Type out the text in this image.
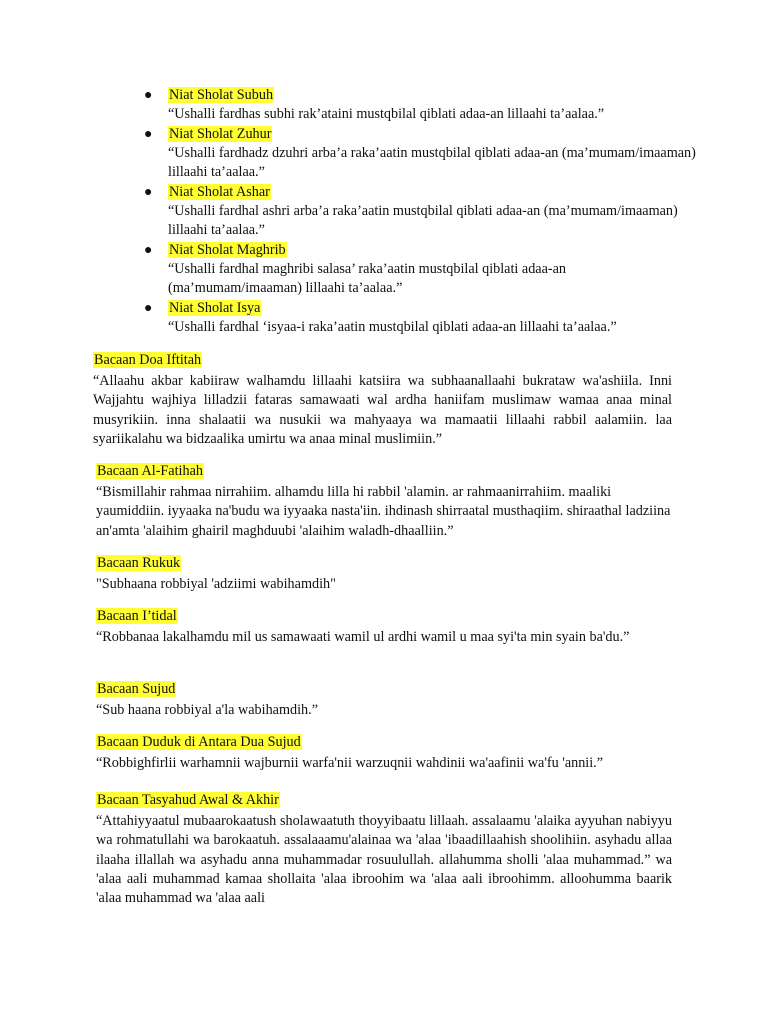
● Niat Sholat Subuh
“Ushalli fardhas subhi rak’ataini mustqbilal qiblati adaa-an lillaahi ta’aalaa.”
● Niat Sholat Zuhur
“Ushalli fardhadz dzuhri arba’a raka’aatin mustqbilal qiblati adaa-an (ma’mumam/imaaman) lillaahi ta’aalaa.”
● Niat Sholat Ashar
“Ushalli fardhal ashri arba’a raka’aatin mustqbilal qiblati adaa-an (ma’mumam/imaaman) lillaahi ta’aalaa.”
● Niat Sholat Maghrib
“Ushalli fardhal maghribi salasa’ raka’aatin mustqbilal qiblati adaa-an (ma’mumam/imaaman) lillaahi ta’aalaa.”
● Niat Sholat Isya
“Ushalli fardhal ‘isyaa-i raka’aatin mustqbilal qiblati adaa-an lillaahi ta’aalaa.”
Bacaan Doa Iftitah
“Allaahu akbar kabiiraw walhamdu lillaahi katsiira wa subhaanallaahi bukrataw wa'ashiila. Inni Wajjahtu wajhiya lilladzii fataras samawaati wal ardha haniifam muslimaw wamaa anaa minal musyrikiin. inna shalaatii wa nusukii wa mahyaaya wa mamaatii lillaahi rabbil aalamiin. laa syariikalahu wa bidzaalika umirtu wa anaa minal muslimiin.”
Bacaan Al-Fatihah
“Bismillahir rahmaa nirrahiim. alhamdu lilla hi rabbil 'alamin. ar rahmaanirrahiim. maaliki yaumiddiin. iyyaaka na'budu wa iyyaaka nasta'iin. ihdinash shirraatal musthaqiim. shiraathal ladziina an'amta 'alaihim ghairil maghduubi 'alaihim waladh-dhaalliin.”
Bacaan Rukuk
"Subhaana robbiyal 'adziimi wabihamdih"
Bacaan I’tidal
“Robbanaa lakalhamdu mil us samawaati wamil ul ardhi wamil u maa syi'ta min syain ba'du.”
Bacaan Sujud
“Sub haana robbiyal a'la wabihamdih.”
Bacaan Duduk di Antara Dua Sujud
“Robbighfirlii warhamnii wajburnii warfa'nii warzuqnii wahdinii wa'aafinii wa'fu 'annii.”
Bacaan Tasyahud Awal & Akhir
“Attahiyyaatul mubaarokaatush sholawaatuth thoyyibaatu lillaah. assalaamu 'alaika ayyuhan nabiyyu wa rohmatullahi wa barokaatuh. assalaaamu'alainaa wa 'alaa 'ibaadillaahish shoolihiin. asyhadu allaa ilaaha illallah wa asyhadu anna muhammadar rosuulullah. allahumma sholli 'alaa muhammad.” wa 'alaa aali muhammad kamaa shollaita 'alaa ibroohim wa 'alaa aali ibroohimm. alloohumma baarik 'alaa muhammad wa 'alaa aali
